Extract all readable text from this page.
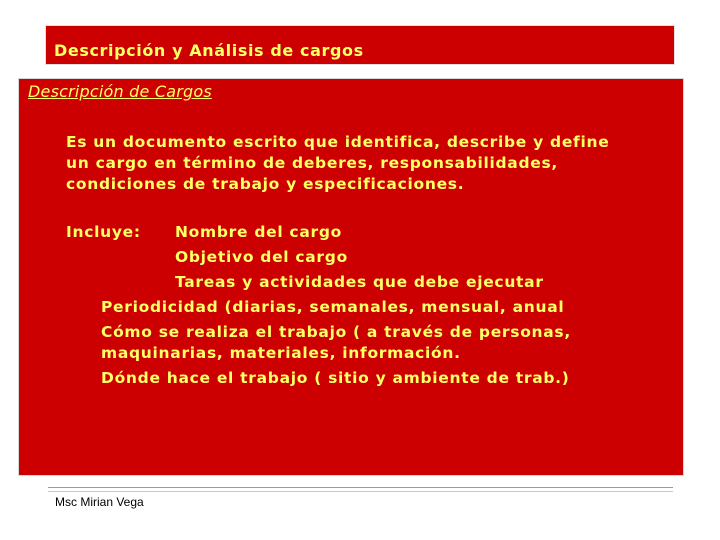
Descripción y Análisis de cargos
Descripción de Cargos
Es un documento escrito que identifica, describe y define
un cargo en término de deberes, responsabilidades,
condiciones de trabajo y especificaciones.
Incluye: Nombre del cargo
Objetivo del cargo
Tareas y actividades que debe ejecutar
Periodicidad (diarias, semanales, mensual, anual
Cómo se realiza el trabajo ( a través de personas,
maquinarias, materiales, información.
Dónde hace el trabajo ( sitio y ambiente de trab.)
Msc Mirian Vega
